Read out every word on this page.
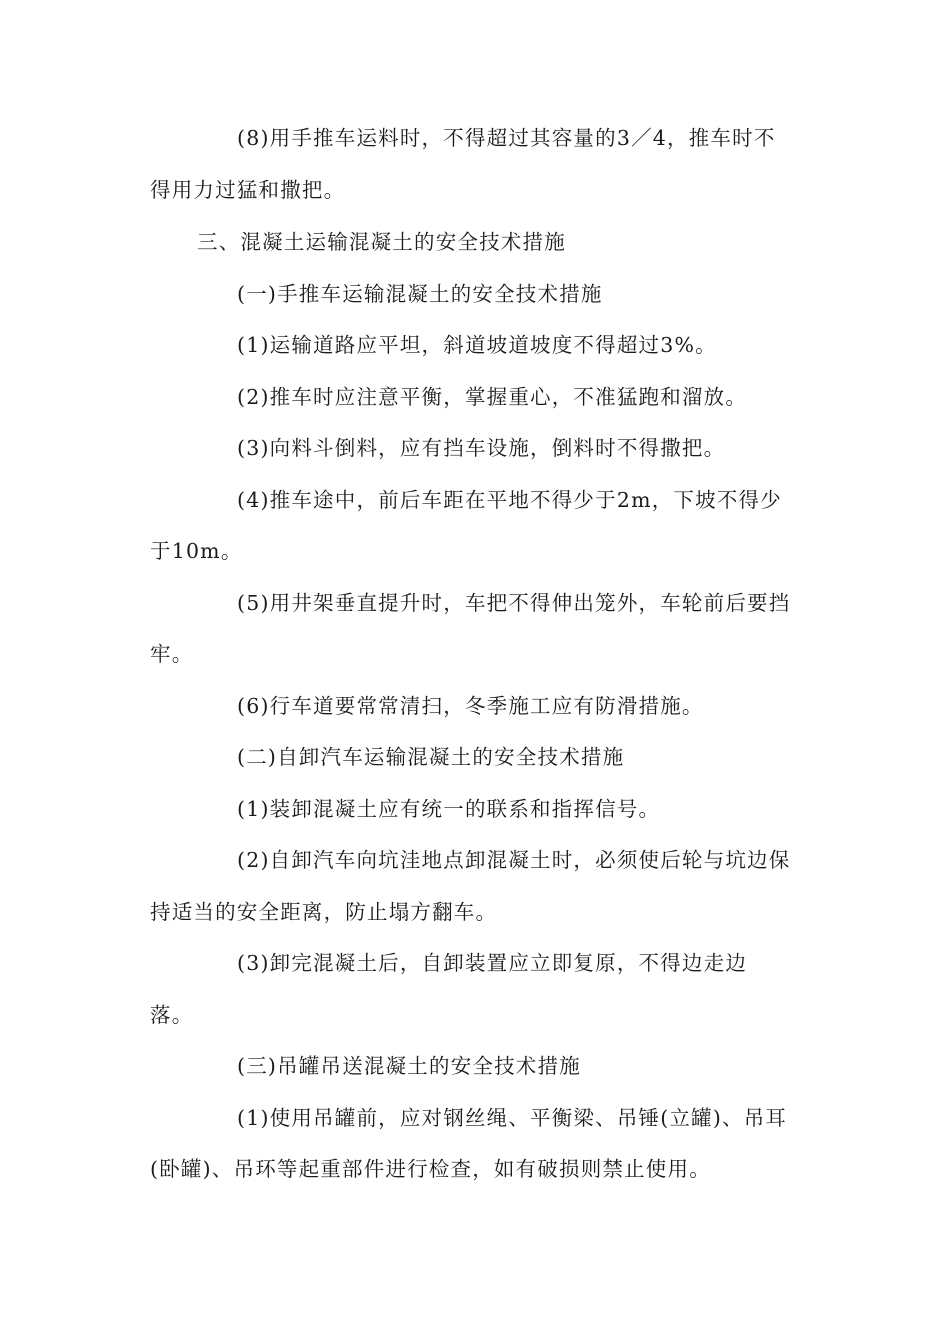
(8)用手推车运料时，不得超过其容量的3／4，推车时不
得用力过猛和撒把。
三、混凝土运输混凝土的安全技术措施
(一)手推车运输混凝土的安全技术措施
(1)运输道路应平坦，斜道坡道坡度不得超过3%。
(2)推车时应注意平衡，掌握重心，不准猛跑和溜放。
(3)向料斗倒料，应有挡车设施，倒料时不得撒把。
(4)推车途中，前后车距在平地不得少于2m，下坡不得少
于10m。
(5)用井架垂直提升时，车把不得伸出笼外，车轮前后要挡
牢。
(6)行车道要常常清扫，冬季施工应有防滑措施。
(二)自卸汽车运输混凝土的安全技术措施
(1)装卸混凝土应有统一的联系和指挥信号。
(2)自卸汽车向坑洼地点卸混凝土时，必须使后轮与坑边保
持适当的安全距离，防止塌方翻车。
(3)卸完混凝土后，自卸装置应立即复原，不得边走边
落。
(三)吊罐吊送混凝土的安全技术措施
(1)使用吊罐前，应对钢丝绳、平衡梁、吊锤(立罐)、吊耳
(卧罐)、吊环等起重部件进行检查，如有破损则禁止使用。
